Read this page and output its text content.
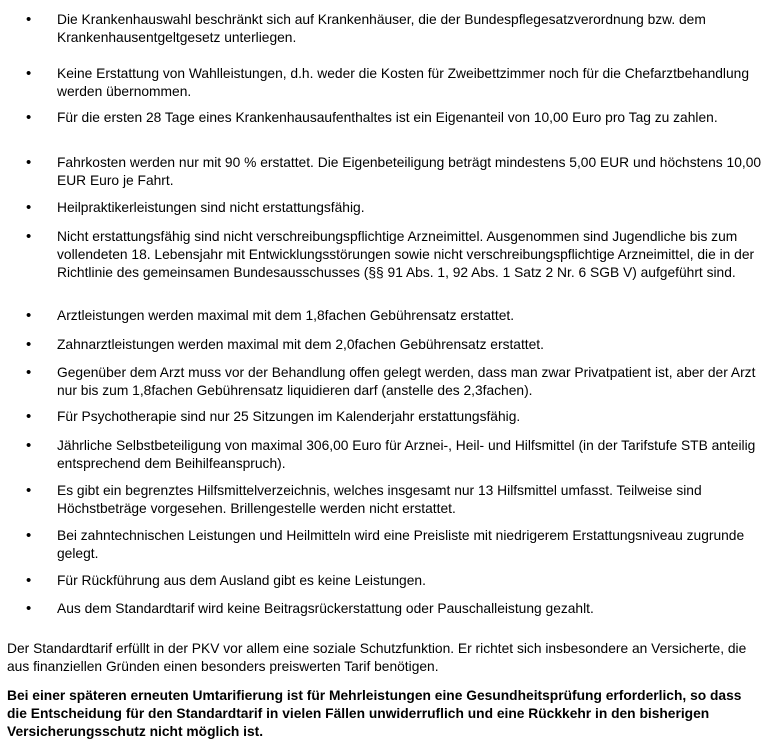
• Die Krankenhauswahl beschränkt sich auf Krankenhäuser, die der Bundespflegesatzverordnung bzw. dem Krankenhausentgeltgesetz unterliegen.
• Keine Erstattung von Wahlleistungen, d.h. weder die Kosten für Zweibettzimmer noch für die Chefarztbehandlung werden übernommen.
• Für die ersten 28 Tage eines Krankenhausaufenthaltes ist ein Eigenanteil von 10,00 Euro pro Tag zu zahlen.
• Fahrkosten werden nur mit 90 % erstattet. Die Eigenbeteiligung beträgt mindestens 5,00 EUR und höchstens 10,00 EUR Euro je Fahrt.
• Heilpraktikerleistungen sind nicht erstattungsfähig.
• Nicht erstattungsfähig sind nicht verschreibungspflichtige Arzneimittel. Ausgenommen sind Jugendliche bis zum vollendeten 18. Lebensjahr mit Entwicklungsstörungen sowie nicht verschreibungspflichtige Arzneimittel, die in der Richtlinie des gemeinsamen Bundesausschusses (§§ 91 Abs. 1, 92 Abs. 1 Satz 2 Nr. 6 SGB V) aufgeführt sind.
• Arztleistungen werden maximal mit dem 1,8fachen Gebührensatz erstattet.
• Zahnarztleistungen werden maximal mit dem 2,0fachen Gebührensatz erstattet.
• Gegenüber dem Arzt muss vor der Behandlung offen gelegt werden, dass man zwar Privatpatient ist, aber der Arzt nur bis zum 1,8fachen Gebührensatz liquidieren darf (anstelle des 2,3fachen).
• Für Psychotherapie sind nur 25 Sitzungen im Kalenderjahr erstattungsfähig.
• Jährliche Selbstbeteiligung von maximal 306,00 Euro für Arznei-, Heil- und Hilfsmittel (in der Tarifstufe STB anteilig entsprechend dem Beihilfeanspruch).
• Es gibt ein begrenztes Hilfsmittelverzeichnis, welches insgesamt nur 13 Hilfsmittel umfasst. Teilweise sind Höchstbeträge vorgesehen. Brillengestelle werden nicht erstattet.
• Bei zahntechnischen Leistungen und Heilmitteln wird eine Preisliste mit niedrigerem Erstattungsniveau zugrunde gelegt.
• Für Rückführung aus dem Ausland gibt es keine Leistungen.
• Aus dem Standardtarif wird keine Beitragsrückerstattung oder Pauschalleistung gezahlt.

Der Standardtarif erfüllt in der PKV vor allem eine soziale Schutzfunktion. Er richtet sich insbesondere an Versicherte, die aus finanziellen Gründen einen besonders preiswerten Tarif benötigen.

Bei einer späteren erneuten Umtarifierung ist für Mehrleistungen eine Gesundheitsprüfung erforderlich, so dass die Entscheidung für den Standardtarif in vielen Fällen unwiderruflich und eine Rückkehr in den bisherigen Versicherungsschutz nicht möglich ist.
